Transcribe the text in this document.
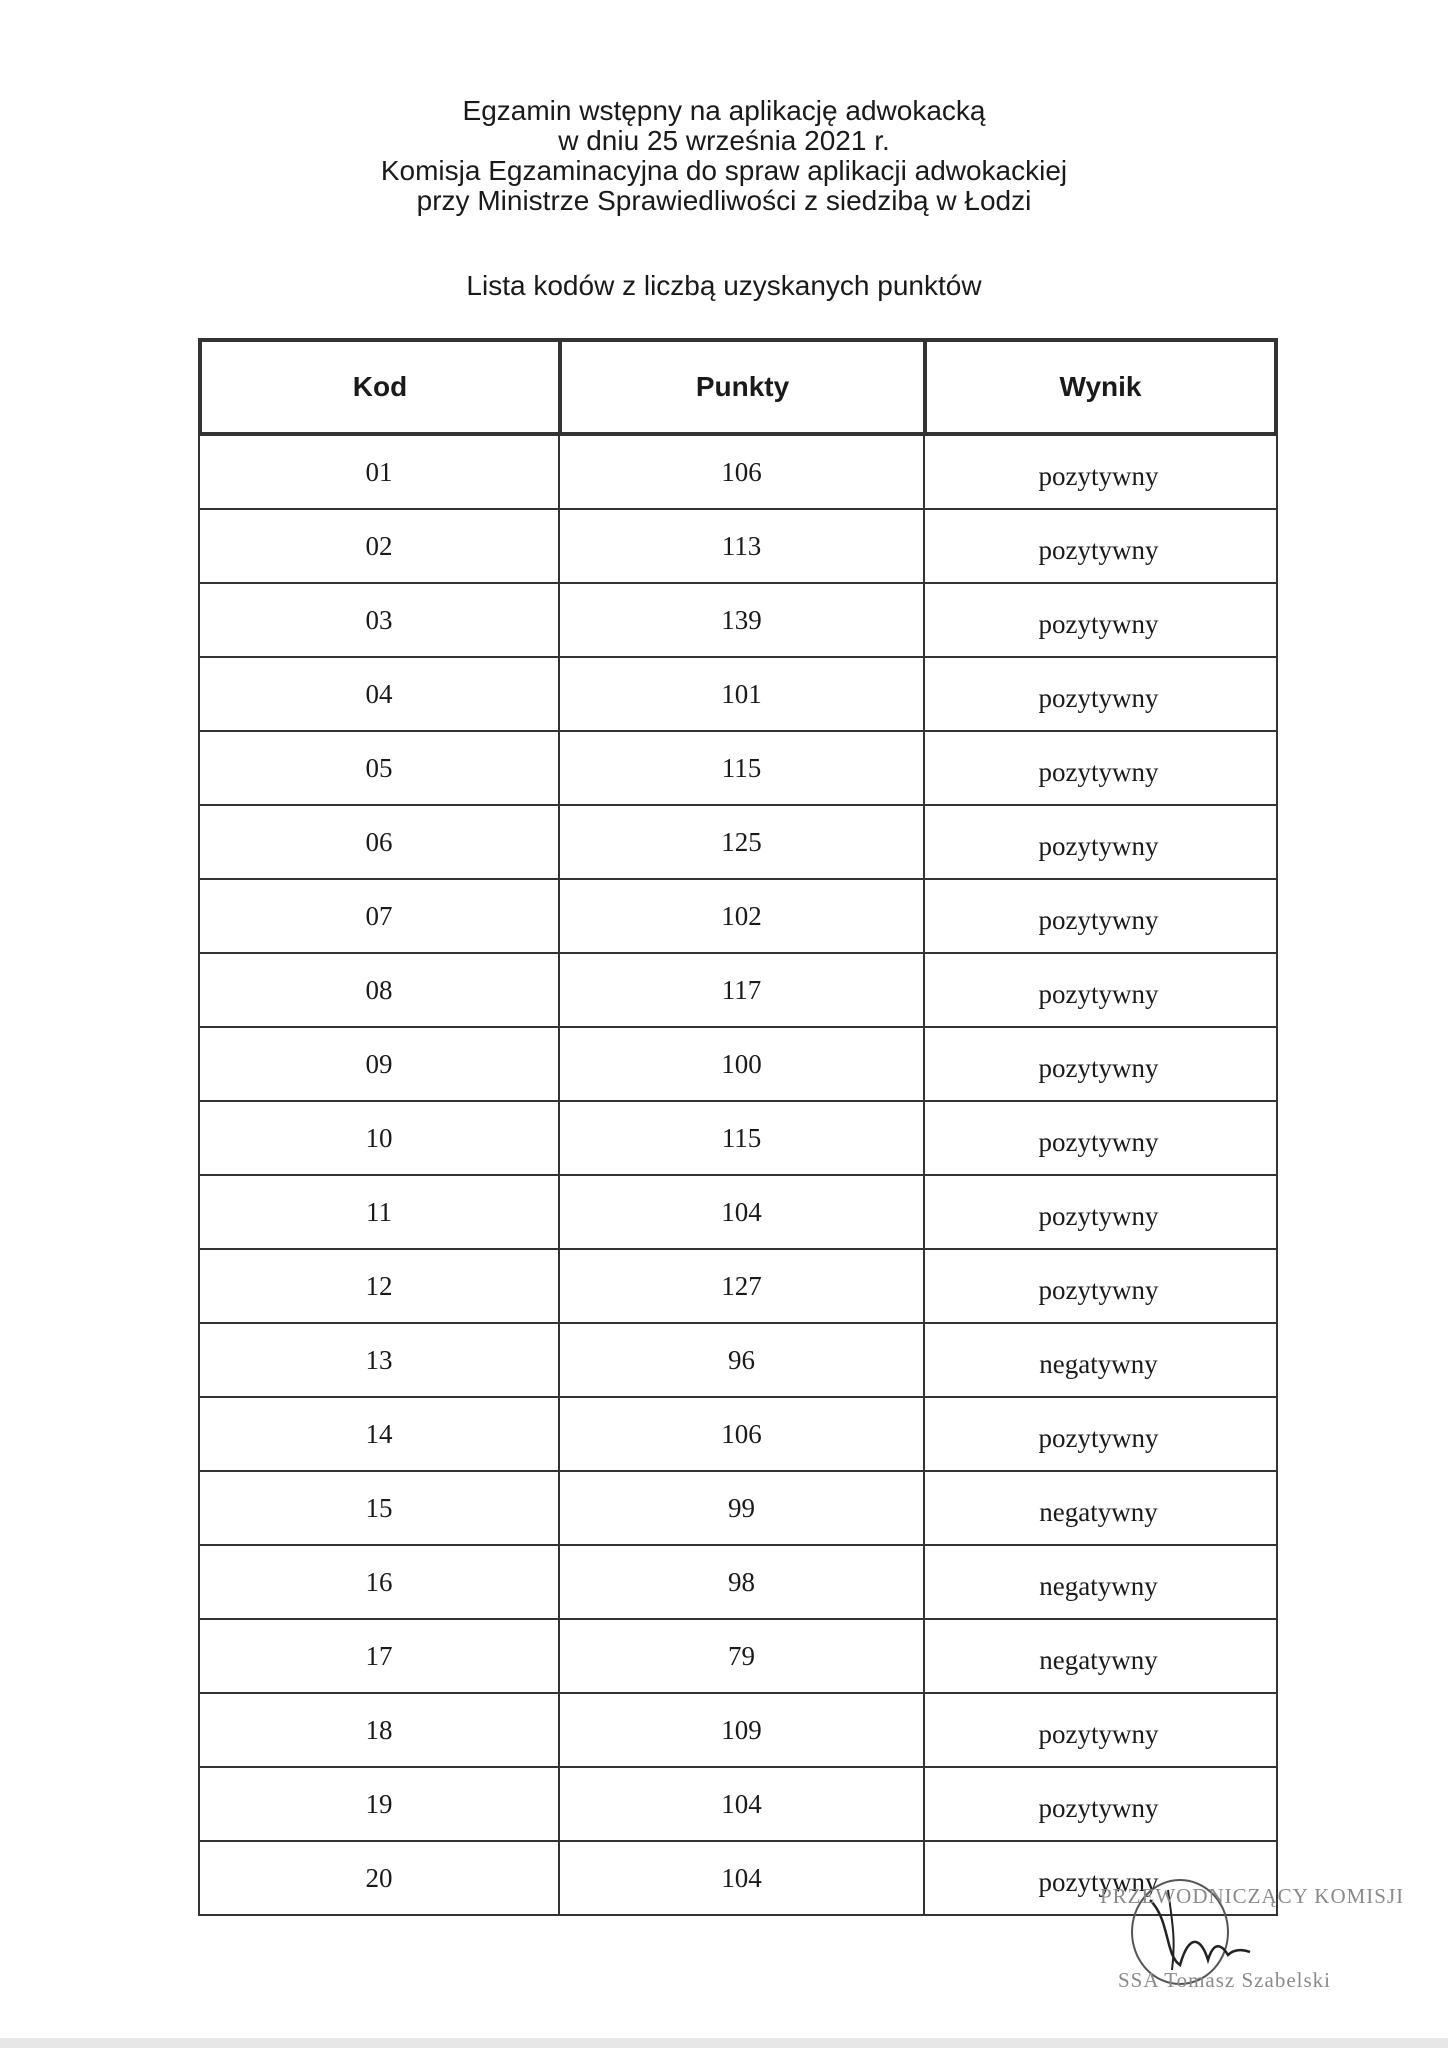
Egzamin wstępny na aplikację adwokacką
w dniu 25 września 2021 r.
Komisja Egzaminacyjna do spraw aplikacji adwokackiej
przy Ministrze Sprawiedliwości z siedzibą w Łodzi
Lista kodów z liczbą uzyskanych punktów
Kod	Punkty	Wynik
01	106	pozytywny
02	113	pozytywny
03	139	pozytywny
04	101	pozytywny
05	115	pozytywny
06	125	pozytywny
07	102	pozytywny
08	117	pozytywny
09	100	pozytywny
10	115	pozytywny
11	104	pozytywny
12	127	pozytywny
13	96	negatywny
14	106	pozytywny
15	99	negatywny
16	98	negatywny
17	79	negatywny
18	109	pozytywny
19	104	pozytywny
20	104	pozytywny
PRZEWODNICZĄCY KOMISJI
SSA Tomasz Szabelski
